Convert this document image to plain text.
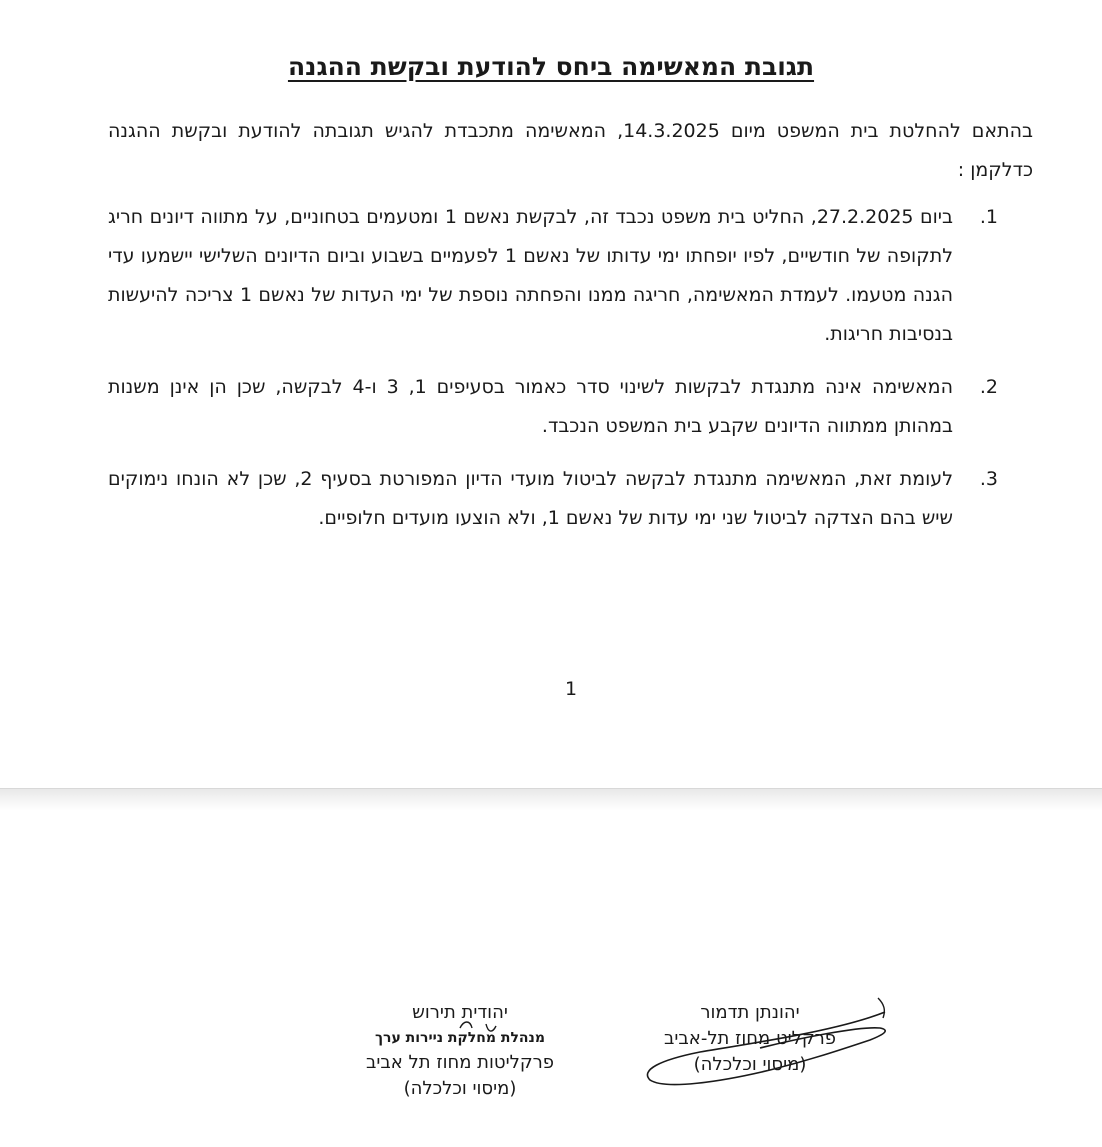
תגובת המאשימה ביחס להודעת ובקשת ההגנה
בהתאם להחלטת בית המשפט מיום 14.3.2025, המאשימה מתכבדת להגיש תגובתה להודעת ובקשת ההגנה כדלקמן :
1.
ביום 27.2.2025, החליט בית משפט נכבד זה, לבקשת נאשם 1 ומטעמים בטחוניים, על מתווה דיונים חריג לתקופה של חודשיים, לפיו יופחתו ימי עדותו של נאשם 1 לפעמיים בשבוע וביום הדיונים השלישי יישמעו עדי הגנה מטעמו. לעמדת המאשימה, חריגה ממנו והפחתה נוספת של ימי העדות של נאשם 1 צריכה להיעשות בנסיבות חריגות.
2.
המאשימה אינה מתנגדת לבקשות לשינוי סדר כאמור בסעיפים 1, 3 ו-4 לבקשה, שכן הן אינן משנות במהותן ממתווה הדיונים שקבע בית המשפט הנכבד.
3.
לעומת זאת, המאשימה מתנגדת לבקשה לביטול מועדי הדיון המפורטת בסעיף 2, שכן לא הונחו נימוקים שיש בהם הצדקה לביטול שני ימי עדות של נאשם 1, ולא הוצעו מועדים חלופיים.
1
יהונתן תדמור
פרקליט מחוז תל-אביב
(מיסוי וכלכלה)
יהודית תירוש
מנהלת מחלקת ניירות ערך
פרקליטות מחוז תל אביב
(מיסוי וכלכלה)
